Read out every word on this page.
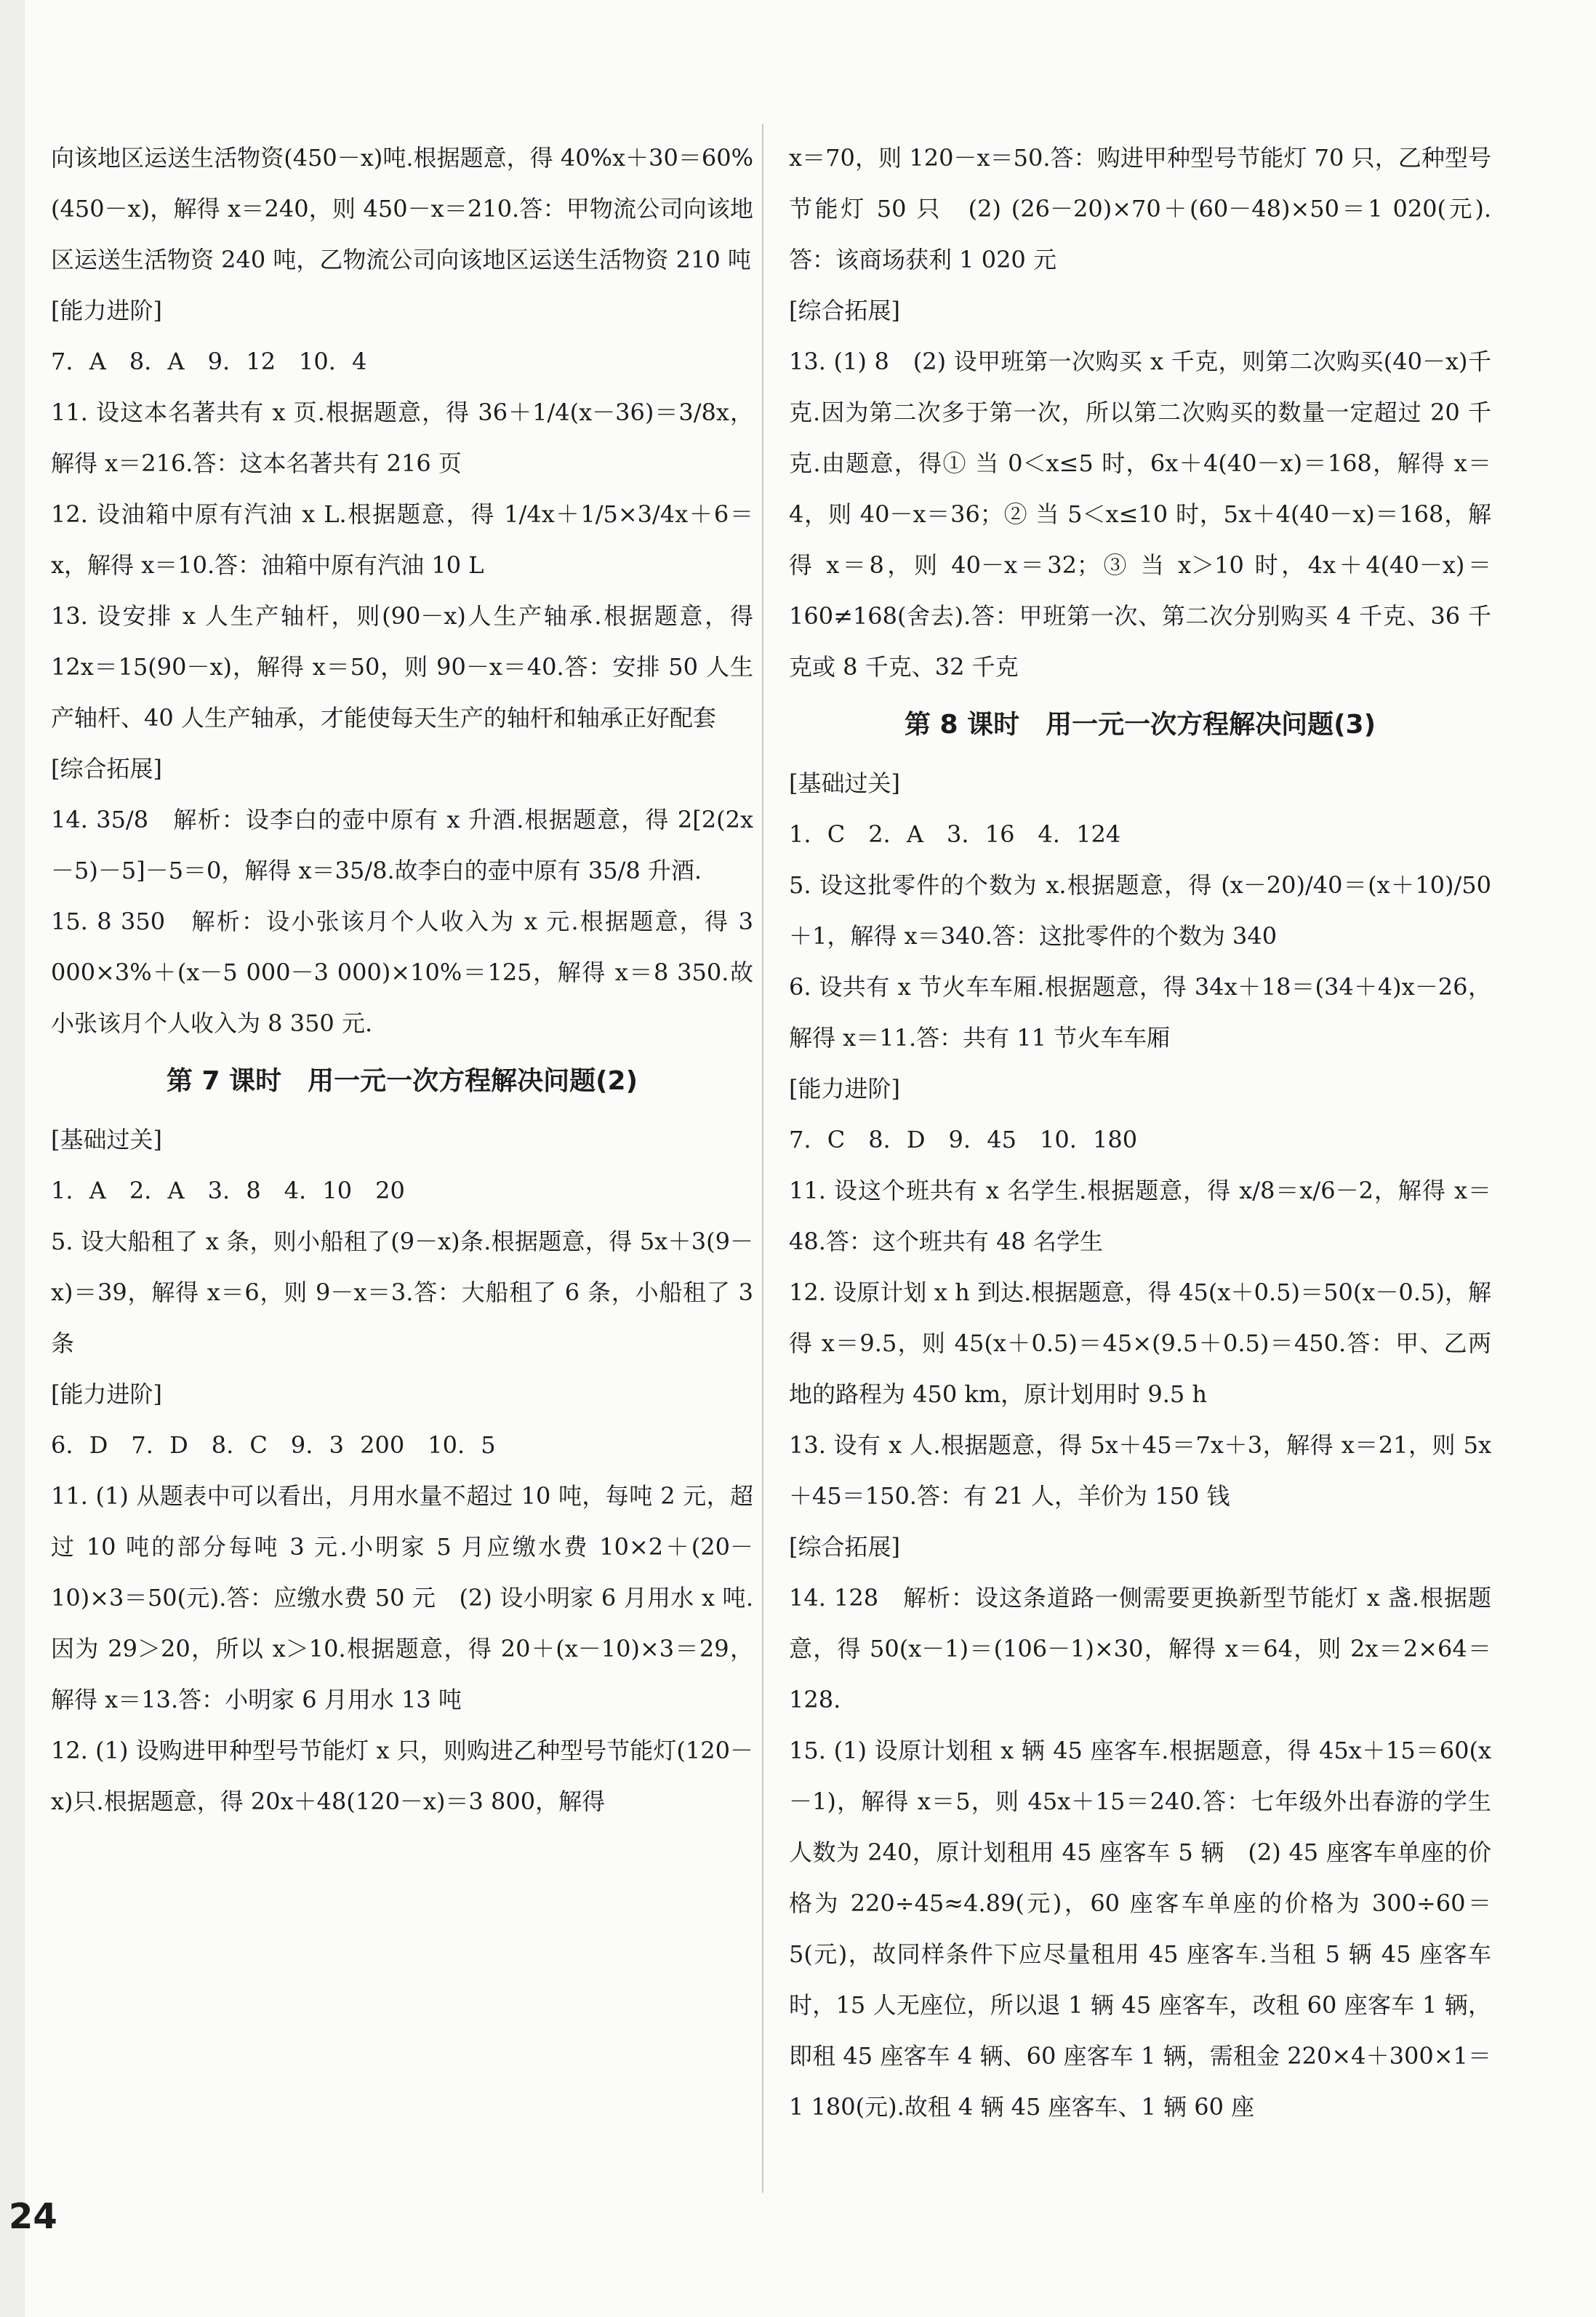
向该地区运送生活物资(450－x)吨.根据题意，得 40%x＋30＝60%(450－x)，解得 x＝240，则 450－x＝210.答：甲物流公司向该地区运送生活物资 240 吨，乙物流公司向该地区运送生活物资 210 吨

[能力进阶]

7. A　8. A　9. 12　10. 4

11. 设这本名著共有 x 页.根据题意，得 36＋1/4(x－36)＝3/8x，解得 x＝216.答：这本名著共有 216 页

12. 设油箱中原有汽油 x L.根据题意，得 1/4x＋1/5×3/4x＋6＝x，解得 x＝10.答：油箱中原有汽油 10 L

13. 设安排 x 人生产轴杆，则(90－x)人生产轴承.根据题意，得 12x＝15(90－x)，解得 x＝50，则 90－x＝40.答：安排 50 人生产轴杆、40 人生产轴承，才能使每天生产的轴杆和轴承正好配套

[综合拓展]

14. 35/8　解析：设李白的壶中原有 x 升酒.根据题意，得 2[2(2x－5)－5]－5＝0，解得 x＝35/8.故李白的壶中原有 35/8 升酒.

15. 8 350　解析：设小张该月个人收入为 x 元.根据题意，得 3 000×3%＋(x－5 000－3 000)×10%＝125，解得 x＝8 350.故小张该月个人收入为 8 350 元.

第 7 课时　用一元一次方程解决问题(2)

[基础过关]

1. A　2. A　3. 8　4. 10　20

5. 设大船租了 x 条，则小船租了(9－x)条.根据题意，得 5x＋3(9－x)＝39，解得 x＝6，则 9－x＝3.答：大船租了 6 条，小船租了 3 条

[能力进阶]

6. D　7. D　8. C　9. 3 200　10. 5

11. (1) 从题表中可以看出，月用水量不超过 10 吨，每吨 2 元，超过 10 吨的部分每吨 3 元.小明家 5 月应缴水费 10×2＋(20－10)×3＝50(元).答：应缴水费 50 元　(2) 设小明家 6 月用水 x 吨.因为 29＞20，所以 x＞10.根据题意，得 20＋(x－10)×3＝29，解得 x＝13.答：小明家 6 月用水 13 吨

12. (1) 设购进甲种型号节能灯 x 只，则购进乙种型号节能灯(120－x)只.根据题意，得 20x＋48(120－x)＝3 800，解得

x＝70，则 120－x＝50.答：购进甲种型号节能灯 70 只，乙种型号节能灯 50 只　(2) (26－20)×70＋(60－48)×50＝1 020(元).答：该商场获利 1 020 元

[综合拓展]

13. (1) 8　(2) 设甲班第一次购买 x 千克，则第二次购买(40－x)千克.因为第二次多于第一次，所以第二次购买的数量一定超过 20 千克.由题意，得① 当 0＜x≤5 时，6x＋4(40－x)＝168，解得 x＝4，则 40－x＝36；② 当 5＜x≤10 时，5x＋4(40－x)＝168，解得 x＝8，则 40－x＝32；③ 当 x＞10 时，4x＋4(40－x)＝160≠168(舍去).答：甲班第一次、第二次分别购买 4 千克、36 千克或 8 千克、32 千克

第 8 课时　用一元一次方程解决问题(3)

[基础过关]

1. C　2. A　3. 16　4. 124

5. 设这批零件的个数为 x.根据题意，得 (x－20)/40＝(x＋10)/50＋1，解得 x＝340.答：这批零件的个数为 340

6. 设共有 x 节火车车厢.根据题意，得 34x＋18＝(34＋4)x－26，解得 x＝11.答：共有 11 节火车车厢

[能力进阶]

7. C　8. D　9. 45　10. 180

11. 设这个班共有 x 名学生.根据题意，得 x/8＝x/6－2，解得 x＝48.答：这个班共有 48 名学生

12. 设原计划 x h 到达.根据题意，得 45(x＋0.5)＝50(x－0.5)，解得 x＝9.5，则 45(x＋0.5)＝45×(9.5＋0.5)＝450.答：甲、乙两地的路程为 450 km，原计划用时 9.5 h

13. 设有 x 人.根据题意，得 5x＋45＝7x＋3，解得 x＝21，则 5x＋45＝150.答：有 21 人，羊价为 150 钱

[综合拓展]

14. 128　解析：设这条道路一侧需要更换新型节能灯 x 盏.根据题意，得 50(x－1)＝(106－1)×30，解得 x＝64，则 2x＝2×64＝128.

15. (1) 设原计划租 x 辆 45 座客车.根据题意，得 45x＋15＝60(x－1)，解得 x＝5，则 45x＋15＝240.答：七年级外出春游的学生人数为 240，原计划租用 45 座客车 5 辆　(2) 45 座客车单座的价格为 220÷45≈4.89(元)，60 座客车单座的价格为 300÷60＝5(元)，故同样条件下应尽量租用 45 座客车.当租 5 辆 45 座客车时，15 人无座位，所以退 1 辆 45 座客车，改租 60 座客车 1 辆，即租 45 座客车 4 辆、60 座客车 1 辆，需租金 220×4＋300×1＝1 180(元).故租 4 辆 45 座客车、1 辆 60 座

24
